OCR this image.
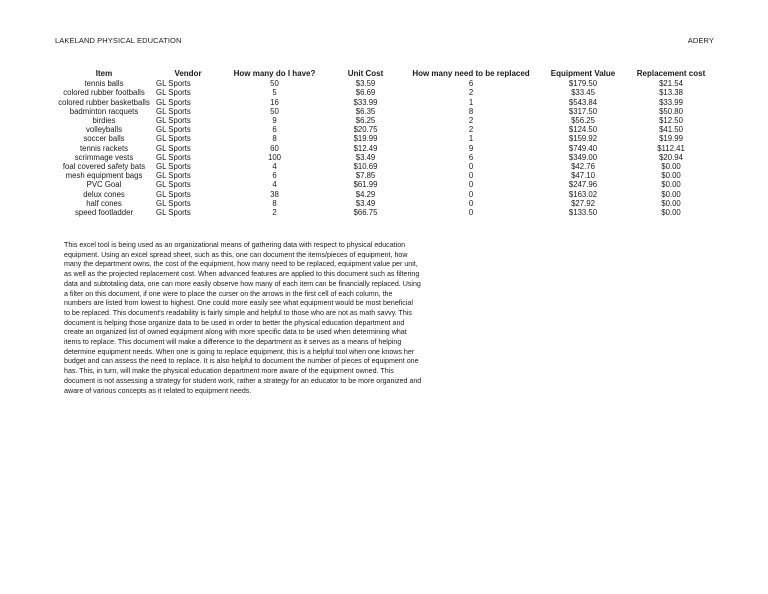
LAKELAND PHYSICAL EDUCATION	ADERY
Item	Vendor	How many do I have?	Unit Cost	How many need to be replaced	Equipment Value	Replacement cost
tennis balls	GL Sports	50	$3.59	6	$179.50	$21.54
colored rubber footballs	GL Sports	5	$6.69	2	$33.45	$13.38
colored rubber basketballs	GL Sports	16	$33.99	1	$543.84	$33.99
badminton racquets	GL Sports	50	$6.35	8	$317.50	$50.80
birdies	GL Sports	9	$6.25	2	$56.25	$12.50
volleyballs	GL Sports	6	$20.75	2	$124.50	$41.50
soccer balls	GL Sports	8	$19.99	1	$159.92	$19.99
tennis rackets	GL Sports	60	$12.49	9	$749.40	$112.41
scrimmage vests	GL Sports	100	$3.49	6	$349.00	$20.94
foal covered safety bats	GL Sports	4	$10.69	0	$42.76	$0.00
mesh equipment bags	GL Sports	6	$7.85	0	$47.10	$0.00
PVC Goal	GL Sports	4	$61.99	0	$247.96	$0.00
delux cones	GL Sports	38	$4.29	0	$163.02	$0.00
half cones	GL Sports	8	$3.49	0	$27.92	$0.00
speed footladder	GL Sports	2	$66.75	0	$133.50	$0.00
This excel tool is being used as an organizational means of gathering data with respect to physical education
equipment. Using an excel spread sheet, such as this, one can document the items/pieces of equipment, how
many the department owns, the cost of the equipment, how many need to be replaced, equipment value per unit,
as well as the projected replacement cost. When advanced features are applied to this document such as filtering
data and subtotaling data, one can more easily observe how many of each item can be financially replaced. Using
a filter on this document, if one were to place the curser on the arrows in the first cell of each column, the
numbers are listed from lowest to highest. One could more easily see what equipment would be most beneficial
to be replaced. This document's readability is fairly simple and helpful to those who are not as math savvy. This
document is helping those organize data to be used in order to better the physical education department and
create an organized list of owned equipment along with more specific data to be used when determining what
items to replace. This document will make a difference to the department as it serves as a means of helping
determine equipment needs. When one is going to replace equipment, this is a helpful tool when one knows her
budget and can assess the need to replace. It is also helpful to document the number of pieces of equipment one
has. This, in turn, will make the physical education department more aware of the equipment owned. This
document is not assessing a strategy for student work, rather a strategy for an educator to be more organized and
aware of various concepts as it related to equipment needs.
